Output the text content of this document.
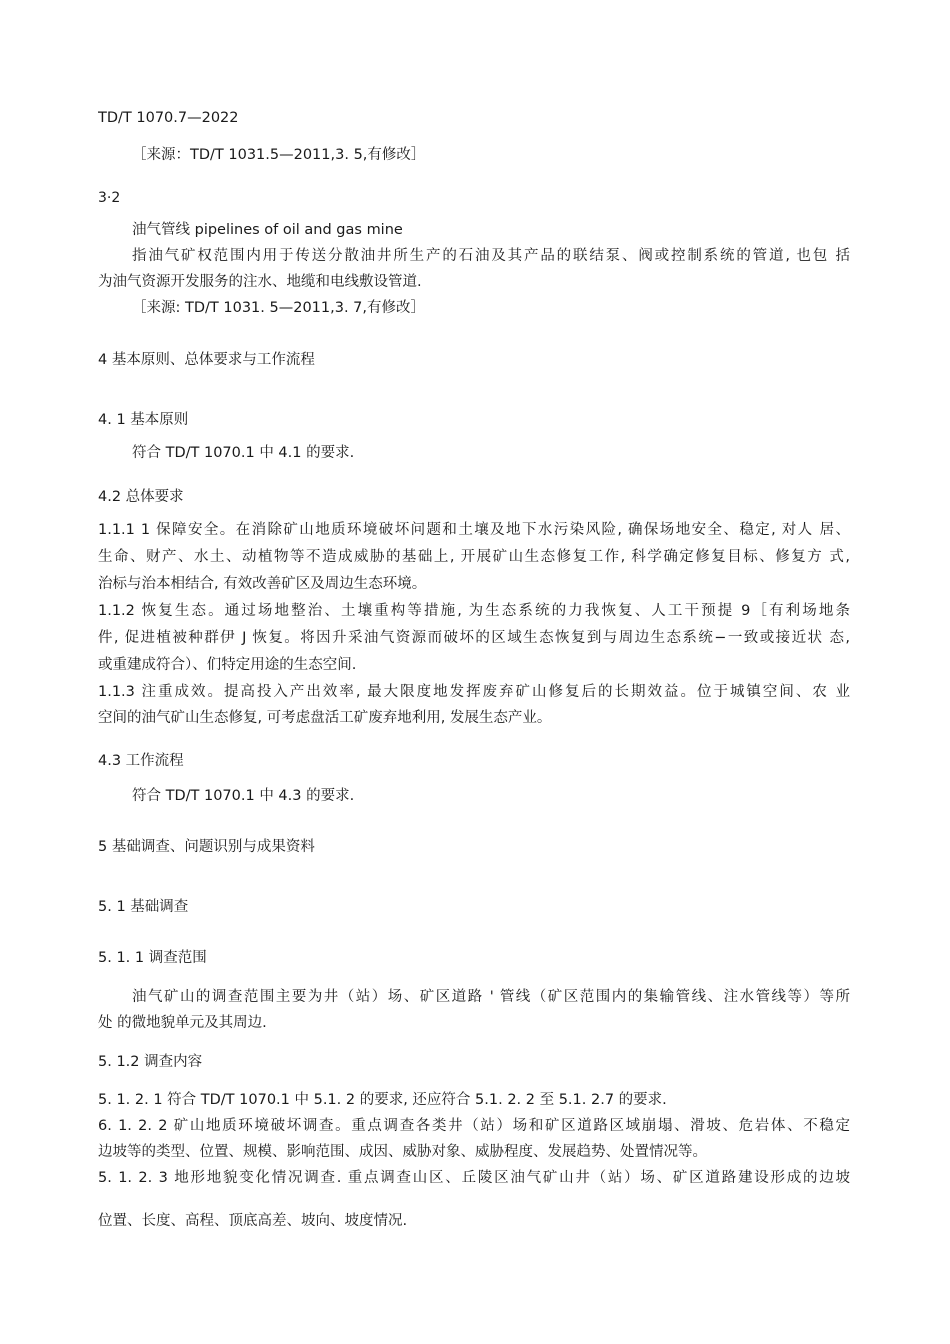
TD/T 1070.7—2022
［来源：TD/T 1031.5—2011,3. 5,有修改］
3·2
油气管线 pipelines of oil and gas mine
指油气矿权范围内用于传送分散油井所生产的石油及其产品的联结泵、阀或控制系统的管道, 也包 括
为油气资源开发服务的注水、地缆和电线敷设管道.
［来源: TD/T 1031. 5—2011,3. 7,有修改］
4 基本原则、总体要求与工作流程
4. 1 基本原则
符合 TD/T 1070.1 中 4.1 的要求.
4.2 总体要求
1.1.1 1 保障安全。在消除矿山地质环境破坏问题和土壤及地下水污染风险, 确保场地安全、稳定, 对人 居、
生命、财产、水土、动植物等不造成威胁的基础上, 开展矿山生态修复工作, 科学确定修复目标、修复方 式,
治标与治本相结合, 有效改善矿区及周边生态环境。
1.1.2 恢复生态。通过场地整治、土壤重构等措施, 为生态系统的力我恢复、人工干预提 9［有利场地条
件, 促进植被种群伊 J 恢复。将因升采油气资源而破坏的区域生态恢复到与周边生态系统−一致或接近状 态,
或重建成符合）、们特定用途的生态空间.
1.1.3 注重成效。提高投入产出效率, 最大限度地发挥废弃矿山修复后的长期效益。位于城镇空间、农 业
空间的油气矿山生态修复, 可考虑盘活工矿废弃地利用, 发展生态产业。
4.3 工作流程
符合 TD/T 1070.1 中 4.3 的要求.
5 基础调查、问题识别与成果资料
5. 1 基础调查
5. 1. 1 调查范围
油气矿山的调查范围主要为井（站）场、矿区道路 ' 管线（矿区范围内的集输管线、注水管线等）等所
处 的微地貌单元及其周边.
5. 1.2 调查内容
5. 1. 2. 1 符合 TD/T 1070.1 中 5.1. 2 的要求, 还应符合 5.1. 2. 2 至 5.1. 2.7 的要求.
6. 1. 2. 2 矿山地质环境破坏调查。重点调查各类井（站）场和矿区道路区域崩塌、滑坡、危岩体、不稳定
边坡等的类型、位置、规模、影响范围、成因、威胁对象、威胁程度、发展趋势、处置情况等。
5. 1. 2. 3 地形地貌变化情况调查. 重点调查山区、丘陵区油气矿山井（站）场、矿区道路建设形成的边坡
位置、长度、高程、顶底高差、坡向、坡度情况.
